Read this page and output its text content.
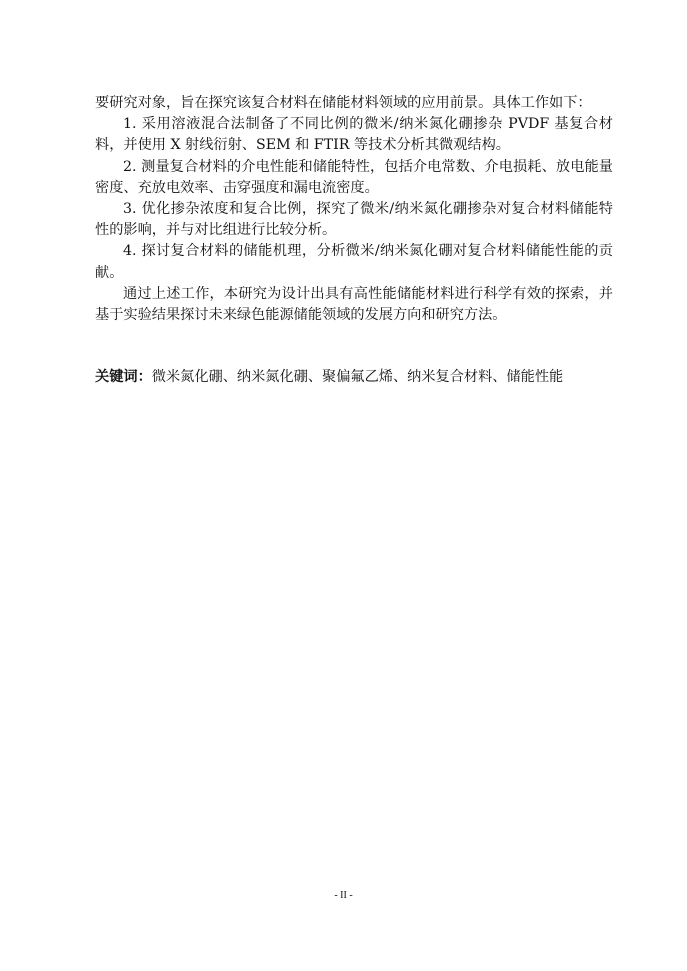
要研究对象，旨在探究该复合材料在储能材料领域的应用前景。具体工作如下：

1. 采用溶液混合法制备了不同比例的微米/纳米氮化硼掺杂 PVDF 基复合材料，并使用 X 射线衍射、SEM 和 FTIR 等技术分析其微观结构。

2. 测量复合材料的介电性能和储能特性，包括介电常数、介电损耗、放电能量密度、充放电效率、击穿强度和漏电流密度。

3. 优化掺杂浓度和复合比例，探究了微米/纳米氮化硼掺杂对复合材料储能特性的影响，并与对比组进行比较分析。

4. 探讨复合材料的储能机理，分析微米/纳米氮化硼对复合材料储能性能的贡献。

通过上述工作，本研究为设计出具有高性能储能材料进行科学有效的探索，并基于实验结果探讨未来绿色能源储能领域的发展方向和研究方法。

关键词：微米氮化硼、纳米氮化硼、聚偏氟乙烯、纳米复合材料、储能性能
- II -
